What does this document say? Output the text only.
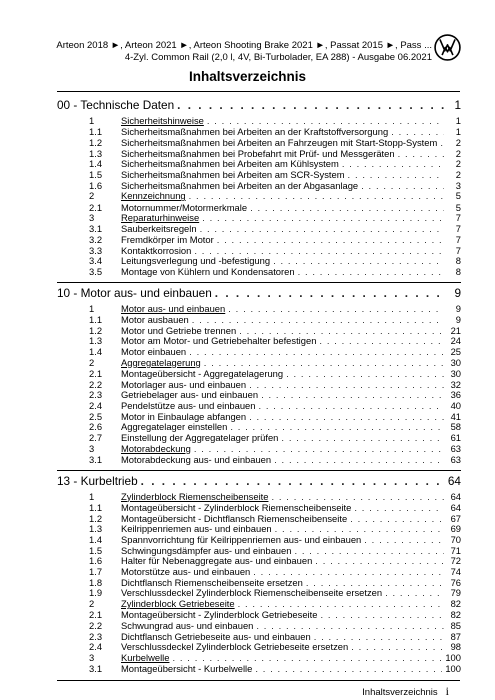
Arteon 2018 ►, Arteon 2021 ►, Arteon Shooting Brake 2021 ►, Passat 2015 ►, Pass ...
4-Zyl. Common Rail (2,0 l, 4V, Bi-Turbolader, EA 288) - Ausgabe 06.2021
Inhaltsverzeichnis
00 - Technische Daten . . .	1
1	Sicherheitshinweise . . .	1
1.1	Sicherheitsmaßnahmen bei Arbeiten an der Kraftstoffversorgung . . .	1
1.2	Sicherheitsmaßnahmen bei Arbeiten an Fahrzeugen mit Start-Stopp-System . . .	2
1.3	Sicherheitsmaßnahmen bei Probefahrt mit Prüf- und Messgeräten . . .	2
1.4	Sicherheitsmaßnahmen bei Arbeiten am Kühlsystem . . .	2
1.5	Sicherheitsmaßnahmen bei Arbeiten am SCR-System . . .	2
1.6	Sicherheitsmaßnahmen bei Arbeiten an der Abgasanlage . . .	3
2	Kennzeichnung . . .	5
2.1	Motornummer/Motormerkmale . . .	5
3	Reparaturhinweise . . .	7
3.1	Sauberkeitsregeln . . .	7
3.2	Fremdkörper im Motor . . .	7
3.3	Kontaktkorrosion . . .	7
3.4	Leitungsverlegung und -befestigung . . .	8
3.5	Montage von Kühlern und Kondensatoren . . .	8
10 - Motor aus- und einbauen . . .	9
1	Motor aus- und einbauen . . .	9
1.1	Motor ausbauen . . .	9
1.2	Motor und Getriebe trennen . . .	21
1.3	Motor am Motor- und Getriebehalter befestigen . . .	24
1.4	Motor einbauen . . .	25
2	Aggregatelagerung . . .	30
2.1	Montageübersicht - Aggregatelagerung . . .	30
2.2	Motorlager aus- und einbauen . . .	32
2.3	Getriebelager aus- und einbauen . . .	36
2.4	Pendelstütze aus- und einbauen . . .	40
2.5	Motor in Einbaulage abfangen . . .	41
2.6	Aggregatelager einstellen . . .	58
2.7	Einstellung der Aggregatelager prüfen . . .	61
3	Motorabdeckung . . .	63
3.1	Motorabdeckung aus- und einbauen . . .	63
13 - Kurbeltrieb . . .	64
1	Zylinderblock Riemenscheibenseite . . .	64
1.1	Montageübersicht - Zylinderblock Riemenscheibenseite . . .	64
1.2	Montageübersicht - Dichtflansch Riemenscheibenseite . . .	67
1.3	Keilrippenriemen aus- und einbauen . . .	69
1.4	Spannvorrichtung für Keilrippenriemen aus- und einbauen . . .	70
1.5	Schwingungsdämpfer aus- und einbauen . . .	71
1.6	Halter für Nebenaggregate aus- und einbauen . . .	72
1.7	Motorstütze aus- und einbauen . . .	74
1.8	Dichtflansch Riemenscheibenseite ersetzen . . .	76
1.9	Verschlussdeckel Zylinderblock Riemenscheibenseite ersetzen . . .	79
2	Zylinderblock Getriebeseite . . .	82
2.1	Montageübersicht - Zylinderblock Getriebeseite . . .	82
2.2	Schwungrad aus- und einbauen . . .	85
2.3	Dichtflansch Getriebeseite aus- und einbauen . . .	87
2.4	Verschlussdeckel Zylinderblock Getriebeseite ersetzen . . .	98
3	Kurbelwelle . . .	100
3.1	Montageübersicht - Kurbelwelle . . .	100
Inhaltsverzeichnis i
